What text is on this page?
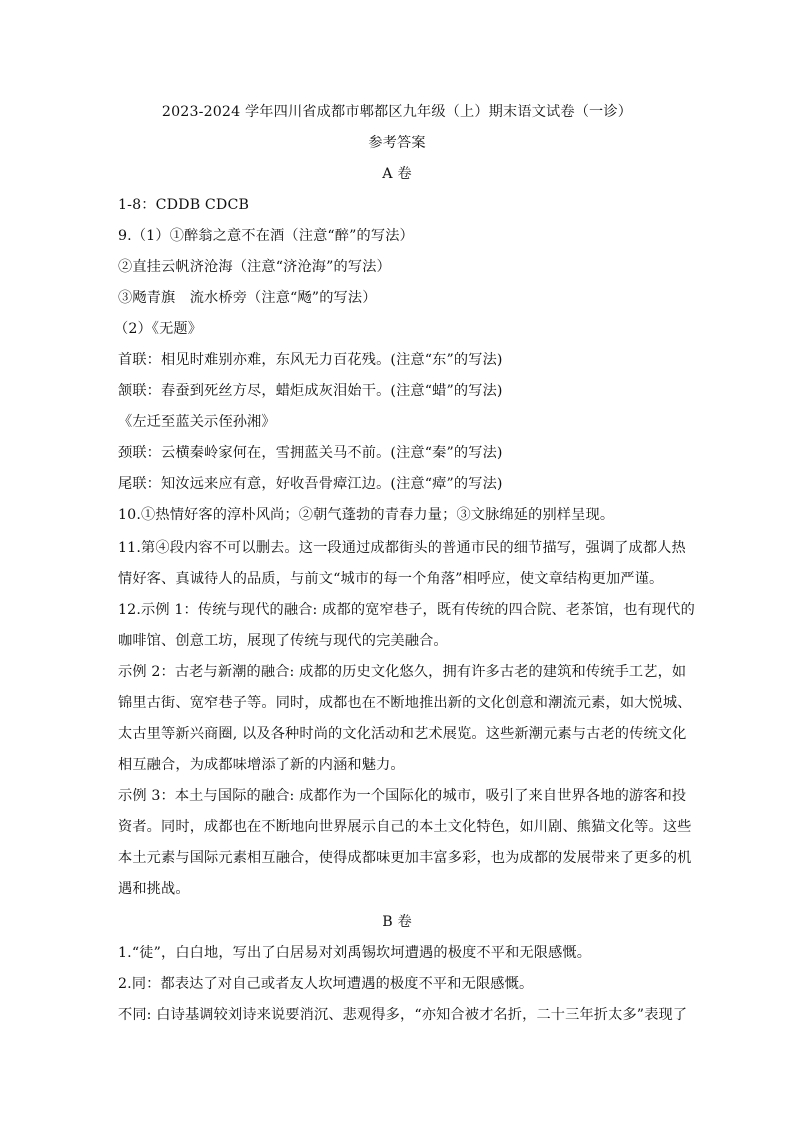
2023-2024 学年四川省成都市郫都区九年级（上）期末语文试卷（一诊）
参考答案
A 卷
1-8：CDDB CDCB
9.（1）①醉翁之意不在酒（注意“醉”的写法）
②直挂云帆济沧海（注意“济沧海”的写法）
③飏青旗　流水桥旁（注意“飏”的写法）
（2）《无题》
首联：相见时难别亦难，东风无力百花残。(注意“东”的写法)
颔联：春蚕到死丝方尽，蜡炬成灰泪始干。(注意“蜡”的写法)
《左迁至蓝关示侄孙湘》
颈联：云横秦岭家何在，雪拥蓝关马不前。(注意“秦”的写法)
尾联：知汝远来应有意，好收吾骨瘴江边。(注意“瘴”的写法)
10.①热情好客的淳朴风尚；②朝气蓬勃的青春力量；③文脉绵延的别样呈现。
11.第④段内容不可以删去。这一段通过成都街头的普通市民的细节描写，强调了成都人热
情好客、真诚待人的品质，与前文“城市的每一个角落”相呼应，使文章结构更加严谨。
12.示例 1：传统与现代的融合: 成都的宽窄巷子，既有传统的四合院、老茶馆，也有现代的
咖啡馆、创意工坊，展现了传统与现代的完美融合。
示例 2：古老与新潮的融合: 成都的历史文化悠久，拥有许多古老的建筑和传统手工艺，如
锦里古街、宽窄巷子等。同时，成都也在不断地推出新的文化创意和潮流元素，如大悦城、
太古里等新兴商圈, 以及各种时尚的文化活动和艺术展览。这些新潮元素与古老的传统文化
相互融合，为成都味增添了新的内涵和魅力。
示例 3：本土与国际的融合: 成都作为一个国际化的城市，吸引了来自世界各地的游客和投
资者。同时，成都也在不断地向世界展示自己的本土文化特色，如川剧、熊猫文化等。这些
本土元素与国际元素相互融合，使得成都味更加丰富多彩，也为成都的发展带来了更多的机
遇和挑战。
B 卷
1.“徒”，白白地，写出了白居易对刘禹锡坎坷遭遇的极度不平和无限感慨。
2.同：都表达了对自己或者友人坎坷遭遇的极度不平和无限感慨。
不同: 白诗基调较刘诗来说要消沉、悲观得多，“亦知合被才名折，二十三年折太多”表现了
